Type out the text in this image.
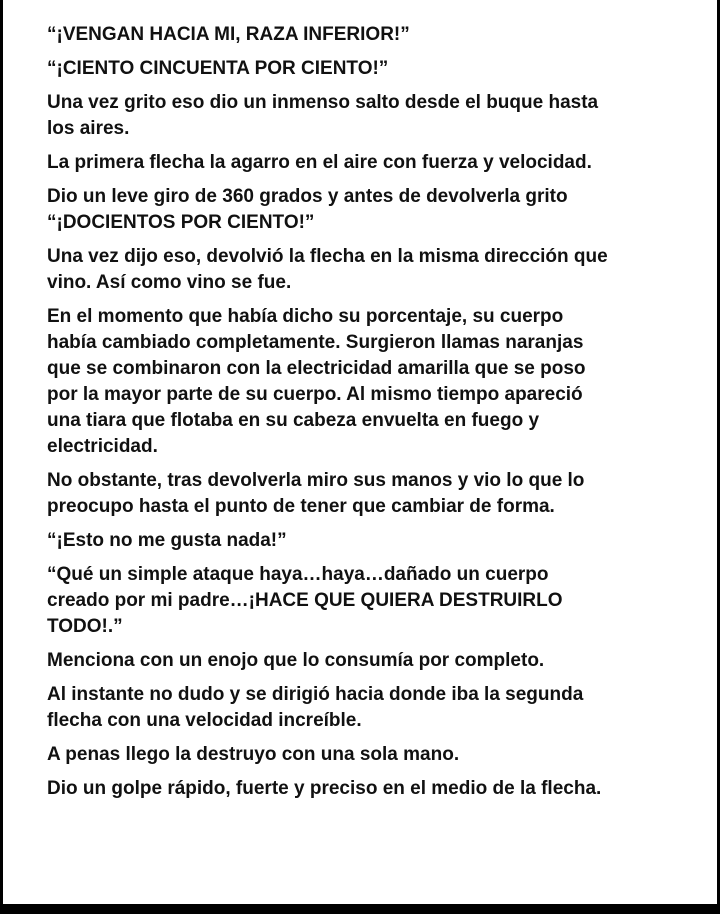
“¡VENGAN HACIA MI, RAZA INFERIOR!”

“¡CIENTO CINCUENTA POR CIENTO!”

Una vez grito eso dio un inmenso salto desde el buque hasta
los aires.

La primera flecha la agarro en el aire con fuerza y velocidad.

Dio un leve giro de 360 grados y antes de devolverla grito
“¡DOCIENTOS POR CIENTO!”

Una vez dijo eso, devolvió la flecha en la misma dirección que
vino. Así como vino se fue.

En el momento que había dicho su porcentaje, su cuerpo
había cambiado completamente. Surgieron llamas naranjas
que se combinaron con la electricidad amarilla que se poso
por la mayor parte de su cuerpo. Al mismo tiempo apareció
una tiara que flotaba en su cabeza envuelta en fuego y
electricidad.

No obstante, tras devolverla miro sus manos y vio lo que lo
preocupo hasta el punto de tener que cambiar de forma.

“¡Esto no me gusta nada!”

“Qué un simple ataque haya…haya…dañado un cuerpo
creado por mi padre…¡HACE QUE QUIERA DESTRUIRLO
TODO!.”

Menciona con un enojo que lo consumía por completo.

Al instante no dudo y se dirigió hacia donde iba la segunda
flecha con una velocidad increíble.

A penas llego la destruyo con una sola mano.

Dio un golpe rápido, fuerte y preciso en el medio de la flecha.
